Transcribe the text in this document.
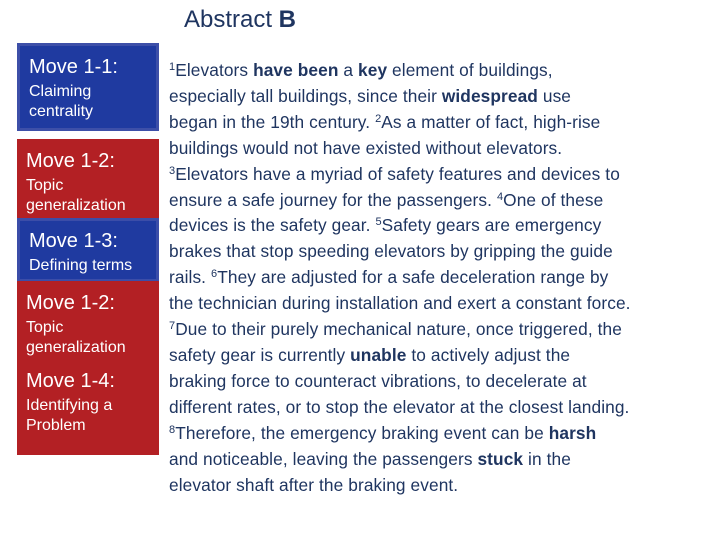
Abstract B
Move 1-1:
Claiming centrality
Move 1-2:
Topic generalization
Move 1-3:
Defining terms
Move 1-2:
Topic generalization
Move 1-4:
Identifying a Problem
$^1$Elevators have been a key element of buildings,
especially tall buildings, since their widespread use
began in the 19th century. $^2$As a matter of fact, high-rise
buildings would not have existed without elevators.
$^3$Elevators have a myriad of safety features and devices to
ensure a safe journey for the passengers. $^4$One of these
devices is the safety gear. $^5$Safety gears are emergency
brakes that stop speeding elevators by gripping the guide
rails. $^6$They are adjusted for a safe deceleration range by
the technician during installation and exert a constant force.
$^7$Due to their purely mechanical nature, once triggered, the
safety gear is currently unable to actively adjust the
braking force to counteract vibrations, to decelerate at
different rates, or to stop the elevator at the closest landing.
$^8$Therefore, the emergency braking event can be harsh
and noticeable, leaving the passengers stuck in the
elevator shaft after the braking event.
